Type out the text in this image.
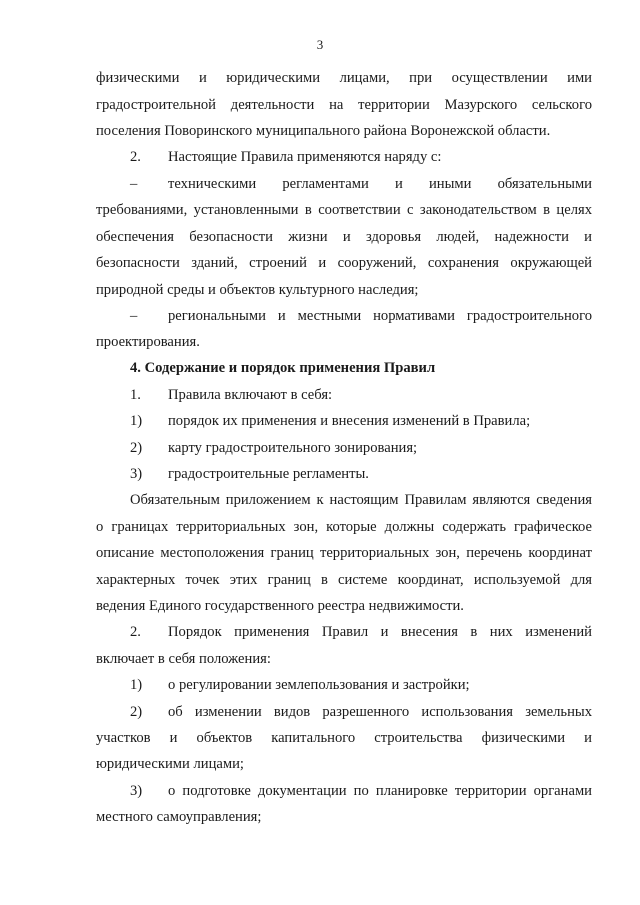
3
физическими и юридическими лицами, при осуществлении ими
градостроительной деятельности на территории Мазурского сельского
поселения Поворинского муниципального района Воронежской области.
2. Настоящие Правила применяются наряду с:
– техническими регламентами и иными обязательными
требованиями, установленными в соответствии с законодательством в целях
обеспечения безопасности жизни и здоровья людей, надежности и
безопасности зданий, строений и сооружений, сохранения окружающей
природной среды и объектов культурного наследия;
– региональными и местными нормативами градостроительного
проектирования.
4. Содержание и порядок применения Правил
1. Правила включают в себя:
1) порядок их применения и внесения изменений в Правила;
2) карту градостроительного зонирования;
3) градостроительные регламенты.
Обязательным приложением к настоящим Правилам являются сведения
о границах территориальных зон, которые должны содержать графическое
описание местоположения границ территориальных зон, перечень координат
характерных точек этих границ в системе координат, используемой для
ведения Единого государственного реестра недвижимости.
2. Порядок применения Правил и внесения в них изменений
включает в себя положения:
1) о регулировании землепользования и застройки;
2) об изменении видов разрешенного использования земельных
участков и объектов капитального строительства физическими и
юридическими лицами;
3) о подготовке документации по планировке территории органами
местного самоуправления;
